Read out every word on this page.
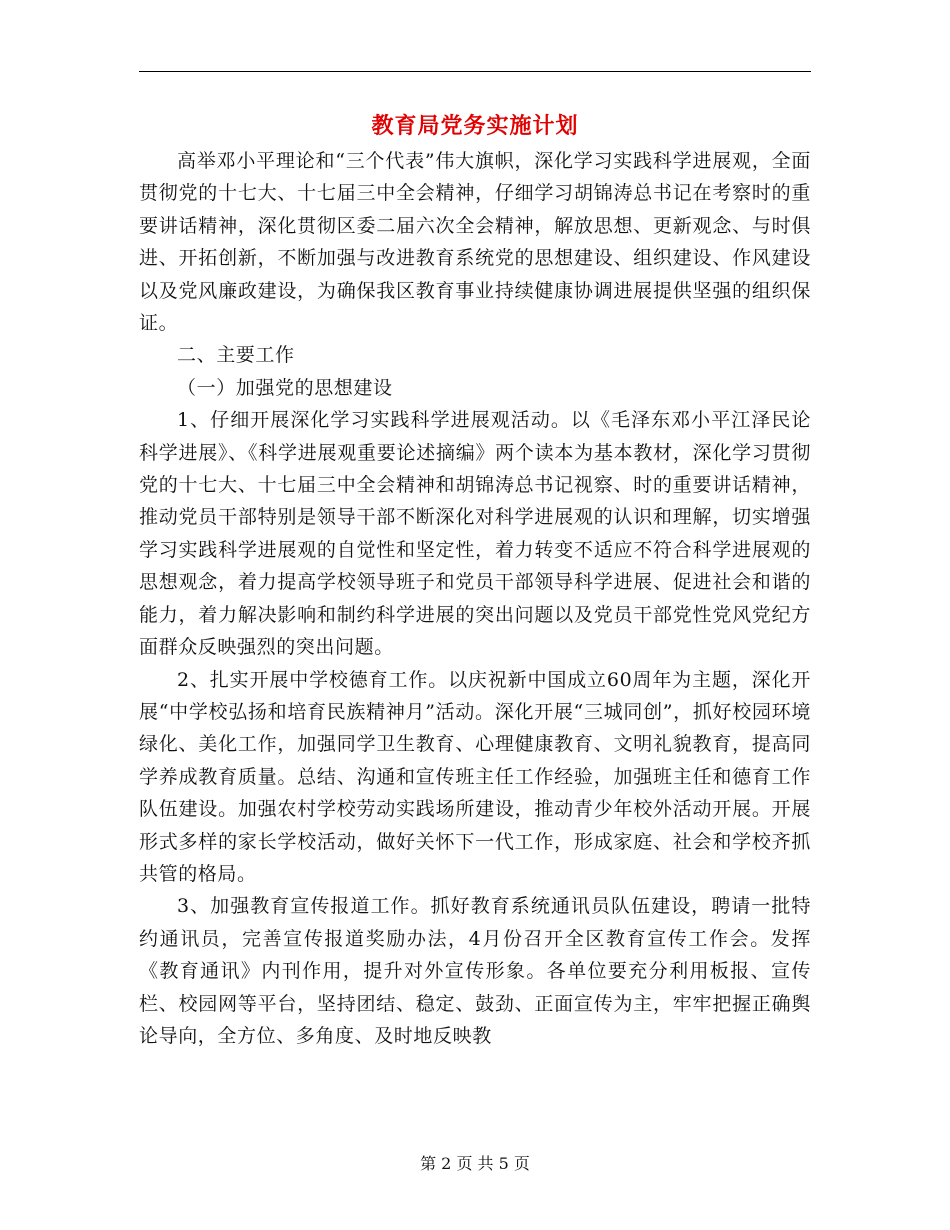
教育局党务实施计划

高举邓小平理论和“三个代表”伟大旗帜，深化学习实践科学进展观，全面贯彻党的十七大、十七届三中全会精神，仔细学习胡锦涛总书记在考察时的重要讲话精神，深化贯彻区委二届六次全会精神，解放思想、更新观念、与时俱进、开拓创新，不断加强与改进教育系统党的思想建设、组织建设、作风建设以及党风廉政建设，为确保我区教育事业持续健康协调进展提供坚强的组织保证。

二、主要工作

（一）加强党的思想建设

1、仔细开展深化学习实践科学进展观活动。以《毛泽东邓小平江泽民论科学进展》、《科学进展观重要论述摘编》两个读本为基本教材，深化学习贯彻党的十七大、十七届三中全会精神和胡锦涛总书记视察、时的重要讲话精神，推动党员干部特别是领导干部不断深化对科学进展观的认识和理解，切实增强学习实践科学进展观的自觉性和坚定性，着力转变不适应不符合科学进展观的思想观念，着力提高学校领导班子和党员干部领导科学进展、促进社会和谐的能力，着力解决影响和制约科学进展的突出问题以及党员干部党性党风党纪方面群众反映强烈的突出问题。

2、扎实开展中学校德育工作。以庆祝新中国成立60周年为主题，深化开展“中学校弘扬和培育民族精神月”活动。深化开展“三城同创”，抓好校园环境绿化、美化工作，加强同学卫生教育、心理健康教育、文明礼貌教育，提高同学养成教育质量。总结、沟通和宣传班主任工作经验，加强班主任和德育工作队伍建设。加强农村学校劳动实践场所建设，推动青少年校外活动开展。开展形式多样的家长学校活动，做好关怀下一代工作，形成家庭、社会和学校齐抓共管的格局。

3、加强教育宣传报道工作。抓好教育系统通讯员队伍建设，聘请一批特约通讯员，完善宣传报道奖励办法，4月份召开全区教育宣传工作会。发挥《教育通讯》内刊作用，提升对外宣传形象。各单位要充分利用板报、宣传栏、校园网等平台，坚持团结、稳定、鼓劲、正面宣传为主，牢牢把握正确舆论导向，全方位、多角度、及时地反映教

第 2 页 共 5 页
